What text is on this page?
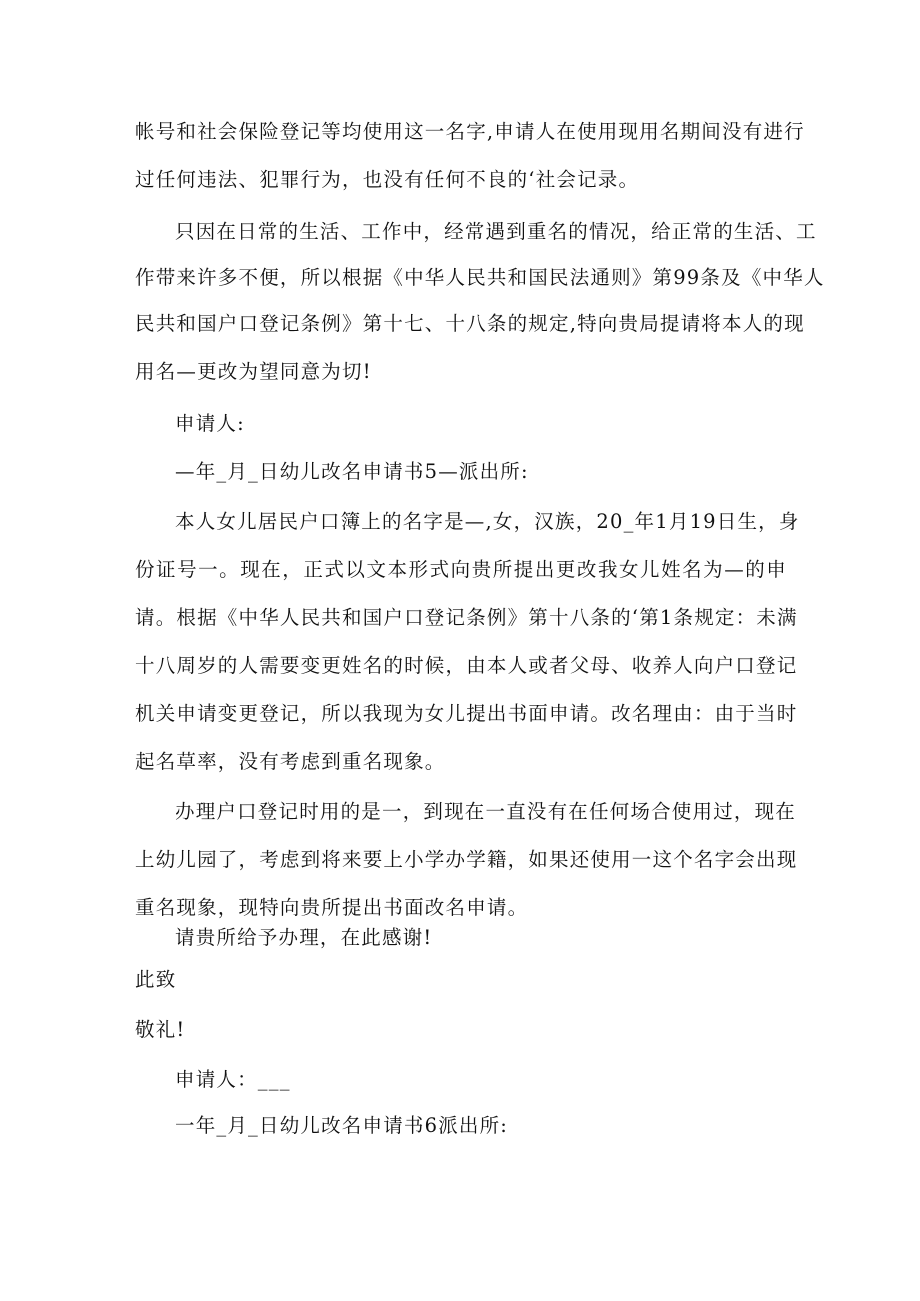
帐号和社会保险登记等均使用这一名字,申请人在使用现用名期间没有进行

过任何违法、犯罪行为，也没有任何不良的‘社会记录。

只因在日常的生活、工作中，经常遇到重名的情况，给正常的生活、工

作带来许多不便，所以根据《中华人民共和国民法通则》第99条及《中华人

民共和国户口登记条例》第十七、十八条的规定,特向贵局提请将本人的现

用名—更改为望同意为切!

申请人:

—年_月_日幼儿改名申请书5—派出所:

本人女儿居民户口簿上的名字是—,女，汉族，20_年1月19日生，身

份证号一。现在，正式以文本形式向贵所提出更改我女儿姓名为—的申

请。根据《中华人民共和国户口登记条例》第十八条的‘第1条规定：未满

十八周岁的人需要变更姓名的时候，由本人或者父母、收养人向户口登记

机关申请变更登记，所以我现为女儿提出书面申请。改名理由：由于当时

起名草率，没有考虑到重名现象。

办理户口登记时用的是一，到现在一直没有在任何场合使用过，现在

上幼儿园了，考虑到将来要上小学办学籍，如果还使用一这个名字会出现

重名现象，现特向贵所提出书面改名申请。

请贵所给予办理，在此感谢!

此致

敬礼!

申请人：___

一年_月_日幼儿改名申请书6派出所:
